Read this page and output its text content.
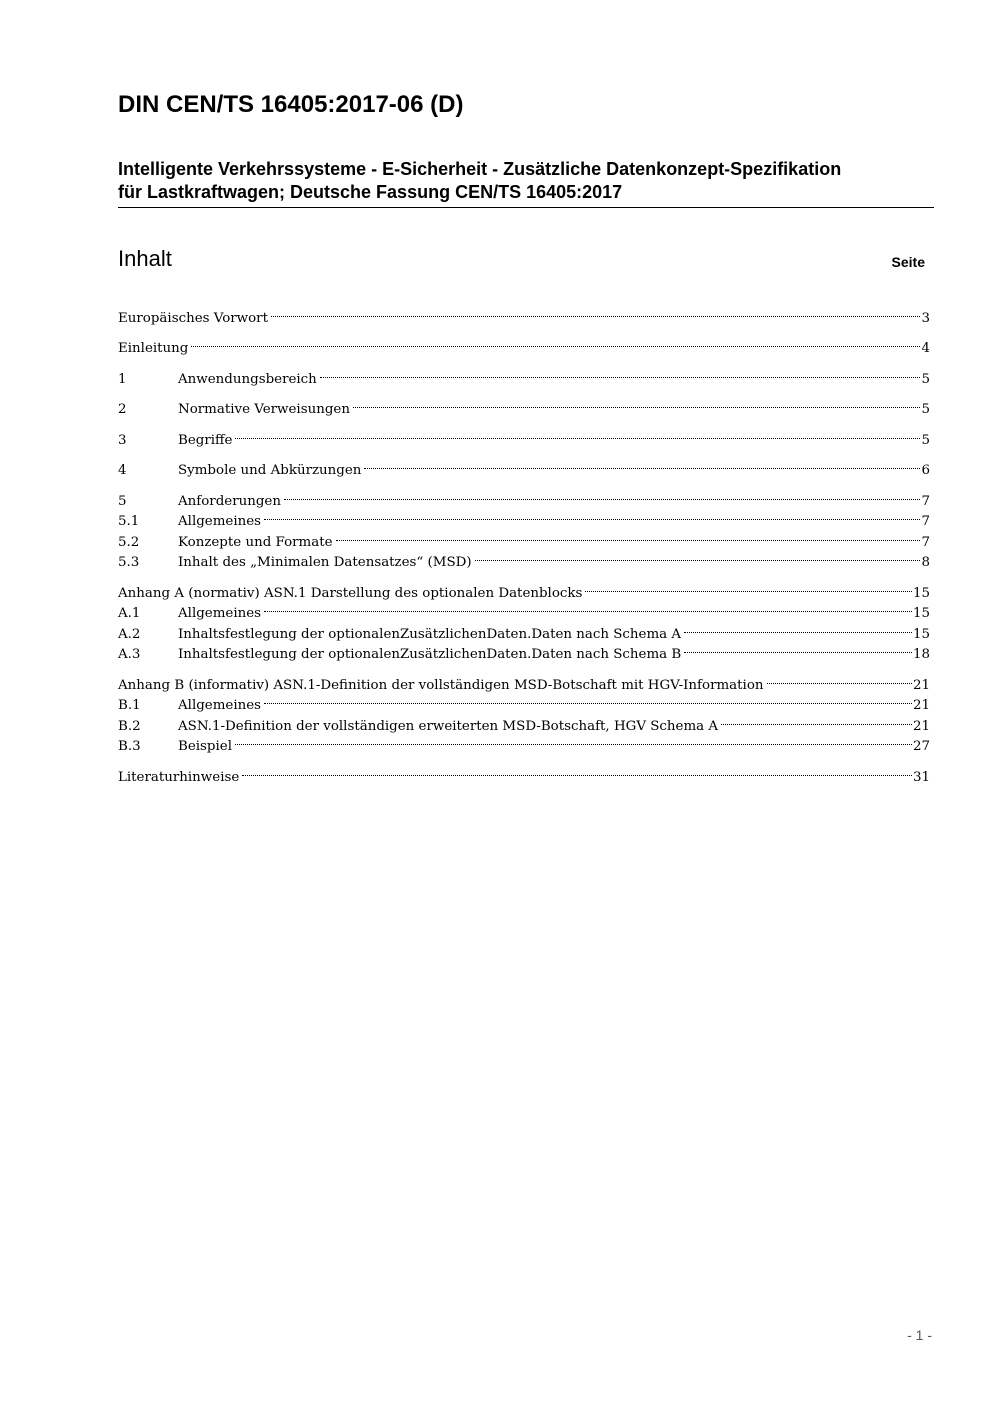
DIN CEN/TS 16405:2017-06 (D)
Intelligente Verkehrssysteme - E-Sicherheit - Zusätzliche Datenkonzept-Spezifikation
für Lastkraftwagen; Deutsche Fassung CEN/TS 16405:2017
Inhalt	Seite
Europäisches Vorwort	3
Einleitung	4
1	Anwendungsbereich	5
2	Normative Verweisungen	5
3	Begriffe	5
4	Symbole und Abkürzungen	6
5	Anforderungen	7
5.1	Allgemeines	7
5.2	Konzepte und Formate	7
5.3	Inhalt des „Minimalen Datensatzes“ (MSD)	8
Anhang A (normativ) ASN.1 Darstellung des optionalen Datenblocks	15
A.1	Allgemeines	15
A.2	Inhaltsfestlegung der optionalenZusätzlichenDaten.Daten nach Schema A	15
A.3	Inhaltsfestlegung der optionalenZusätzlichenDaten.Daten nach Schema B	18
Anhang B (informativ) ASN.1-Definition der vollständigen MSD-Botschaft mit HGV-Information	21
B.1	Allgemeines	21
B.2	ASN.1-Definition der vollständigen erweiterten MSD-Botschaft, HGV Schema A	21
B.3	Beispiel	27
Literaturhinweise	31
- 1 -
